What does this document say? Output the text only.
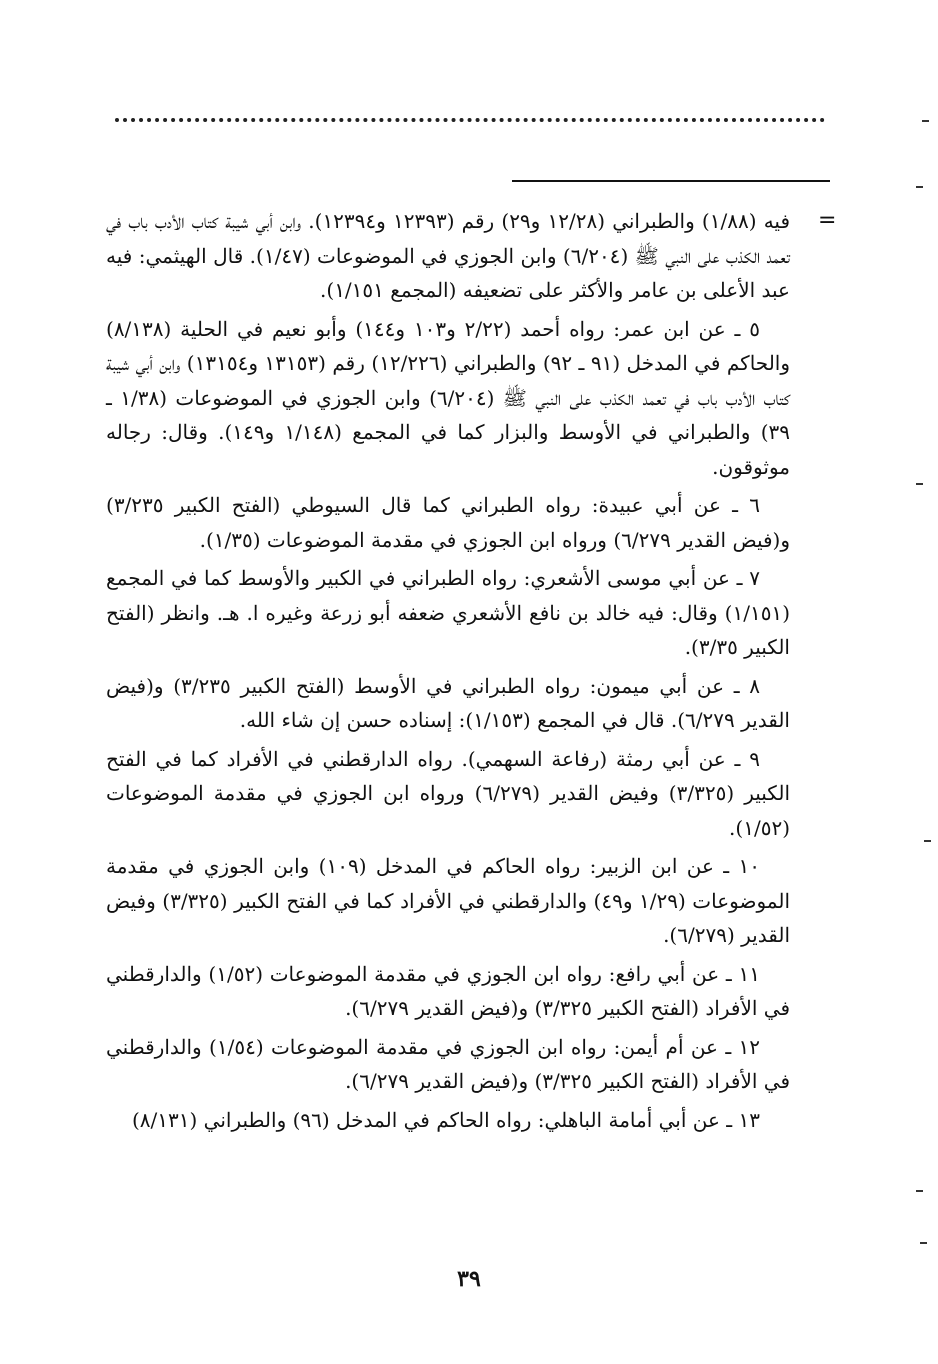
=

فيه (١/٨٨) والطبراني (١٢/٢٨ و٢٩) رقم (١٢٣٩٣ و١٢٣٩٤). وابن أبي شيبة كتاب الأدب باب في تعمد الكذب على النبي ﷺ (٦/٢٠٤) وابن الجوزي في الموضوعات (١/٤٧). قال الهيثمي: فيه عبد الأعلى بن عامر والأكثر على تضعيفه (المجمع ١/١٥١).

٥ ـ عن ابن عمر: رواه أحمد (٢/٢٢ و١٠٣ و١٤٤) وأبو نعيم في الحلية (٨/١٣٨) والحاكم في المدخل (٩١ ـ ٩٢) والطبراني (١٢/٢٢٦) رقم (١٣١٥٣ و١٣١٥٤) وابن أبي شيبة كتاب الأدب باب في تعمد الكذب على النبي ﷺ (٦/٢٠٤) وابن الجوزي في الموضوعات (١/٣٨ ـ ٣٩) والطبراني في الأوسط والبزار كما في المجمع (١/١٤٨ و١٤٩). وقال: رجاله موثوقون.

٦ ـ عن أبي عبيدة: رواه الطبراني كما قال السيوطي (الفتح الكبير ٣/٢٣٥) و(فيض القدير ٦/٢٧٩) ورواه ابن الجوزي في مقدمة الموضوعات (١/٣٥).

٧ ـ عن أبي موسى الأشعري: رواه الطبراني في الكبير والأوسط كما في المجمع (١/١٥١) وقال: فيه خالد بن نافع الأشعري ضعفه أبو زرعة وغيره ا. هـ. وانظر (الفتح الكبير ٣/٣٥).

٨ ـ عن أبي ميمون: رواه الطبراني في الأوسط (الفتح الكبير ٣/٢٣٥) و(فيض القدير ٦/٢٧٩). قال في المجمع (١/١٥٣): إسناده حسن إن شاء الله.

٩ ـ عن أبي رمثة (رفاعة السهمي). رواه الدارقطني في الأفراد كما في الفتح الكبير (٣/٣٢٥) وفيض القدير (٦/٢٧٩) ورواه ابن الجوزي في مقدمة الموضوعات (١/٥٢).

١٠ ـ عن ابن الزبير: رواه الحاكم في المدخل (١٠٩) وابن الجوزي في مقدمة الموضوعات (١/٢٩ و٤٩) والدارقطني في الأفراد كما في الفتح الكبير (٣/٣٢٥) وفيض القدير (٦/٢٧٩).

١١ ـ عن أبي رافع: رواه ابن الجوزي في مقدمة الموضوعات (١/٥٢) والدارقطني في الأفراد (الفتح الكبير ٣/٣٢٥) و(فيض القدير ٦/٢٧٩).

١٢ ـ عن أم أيمن: رواه ابن الجوزي في مقدمة الموضوعات (١/٥٤) والدارقطني في الأفراد (الفتح الكبير ٣/٣٢٥) و(فيض القدير ٦/٢٧٩).

١٣ ـ عن أبي أمامة الباهلي: رواه الحاكم في المدخل (٩٦) والطبراني (٨/١٣١)

٣٩
